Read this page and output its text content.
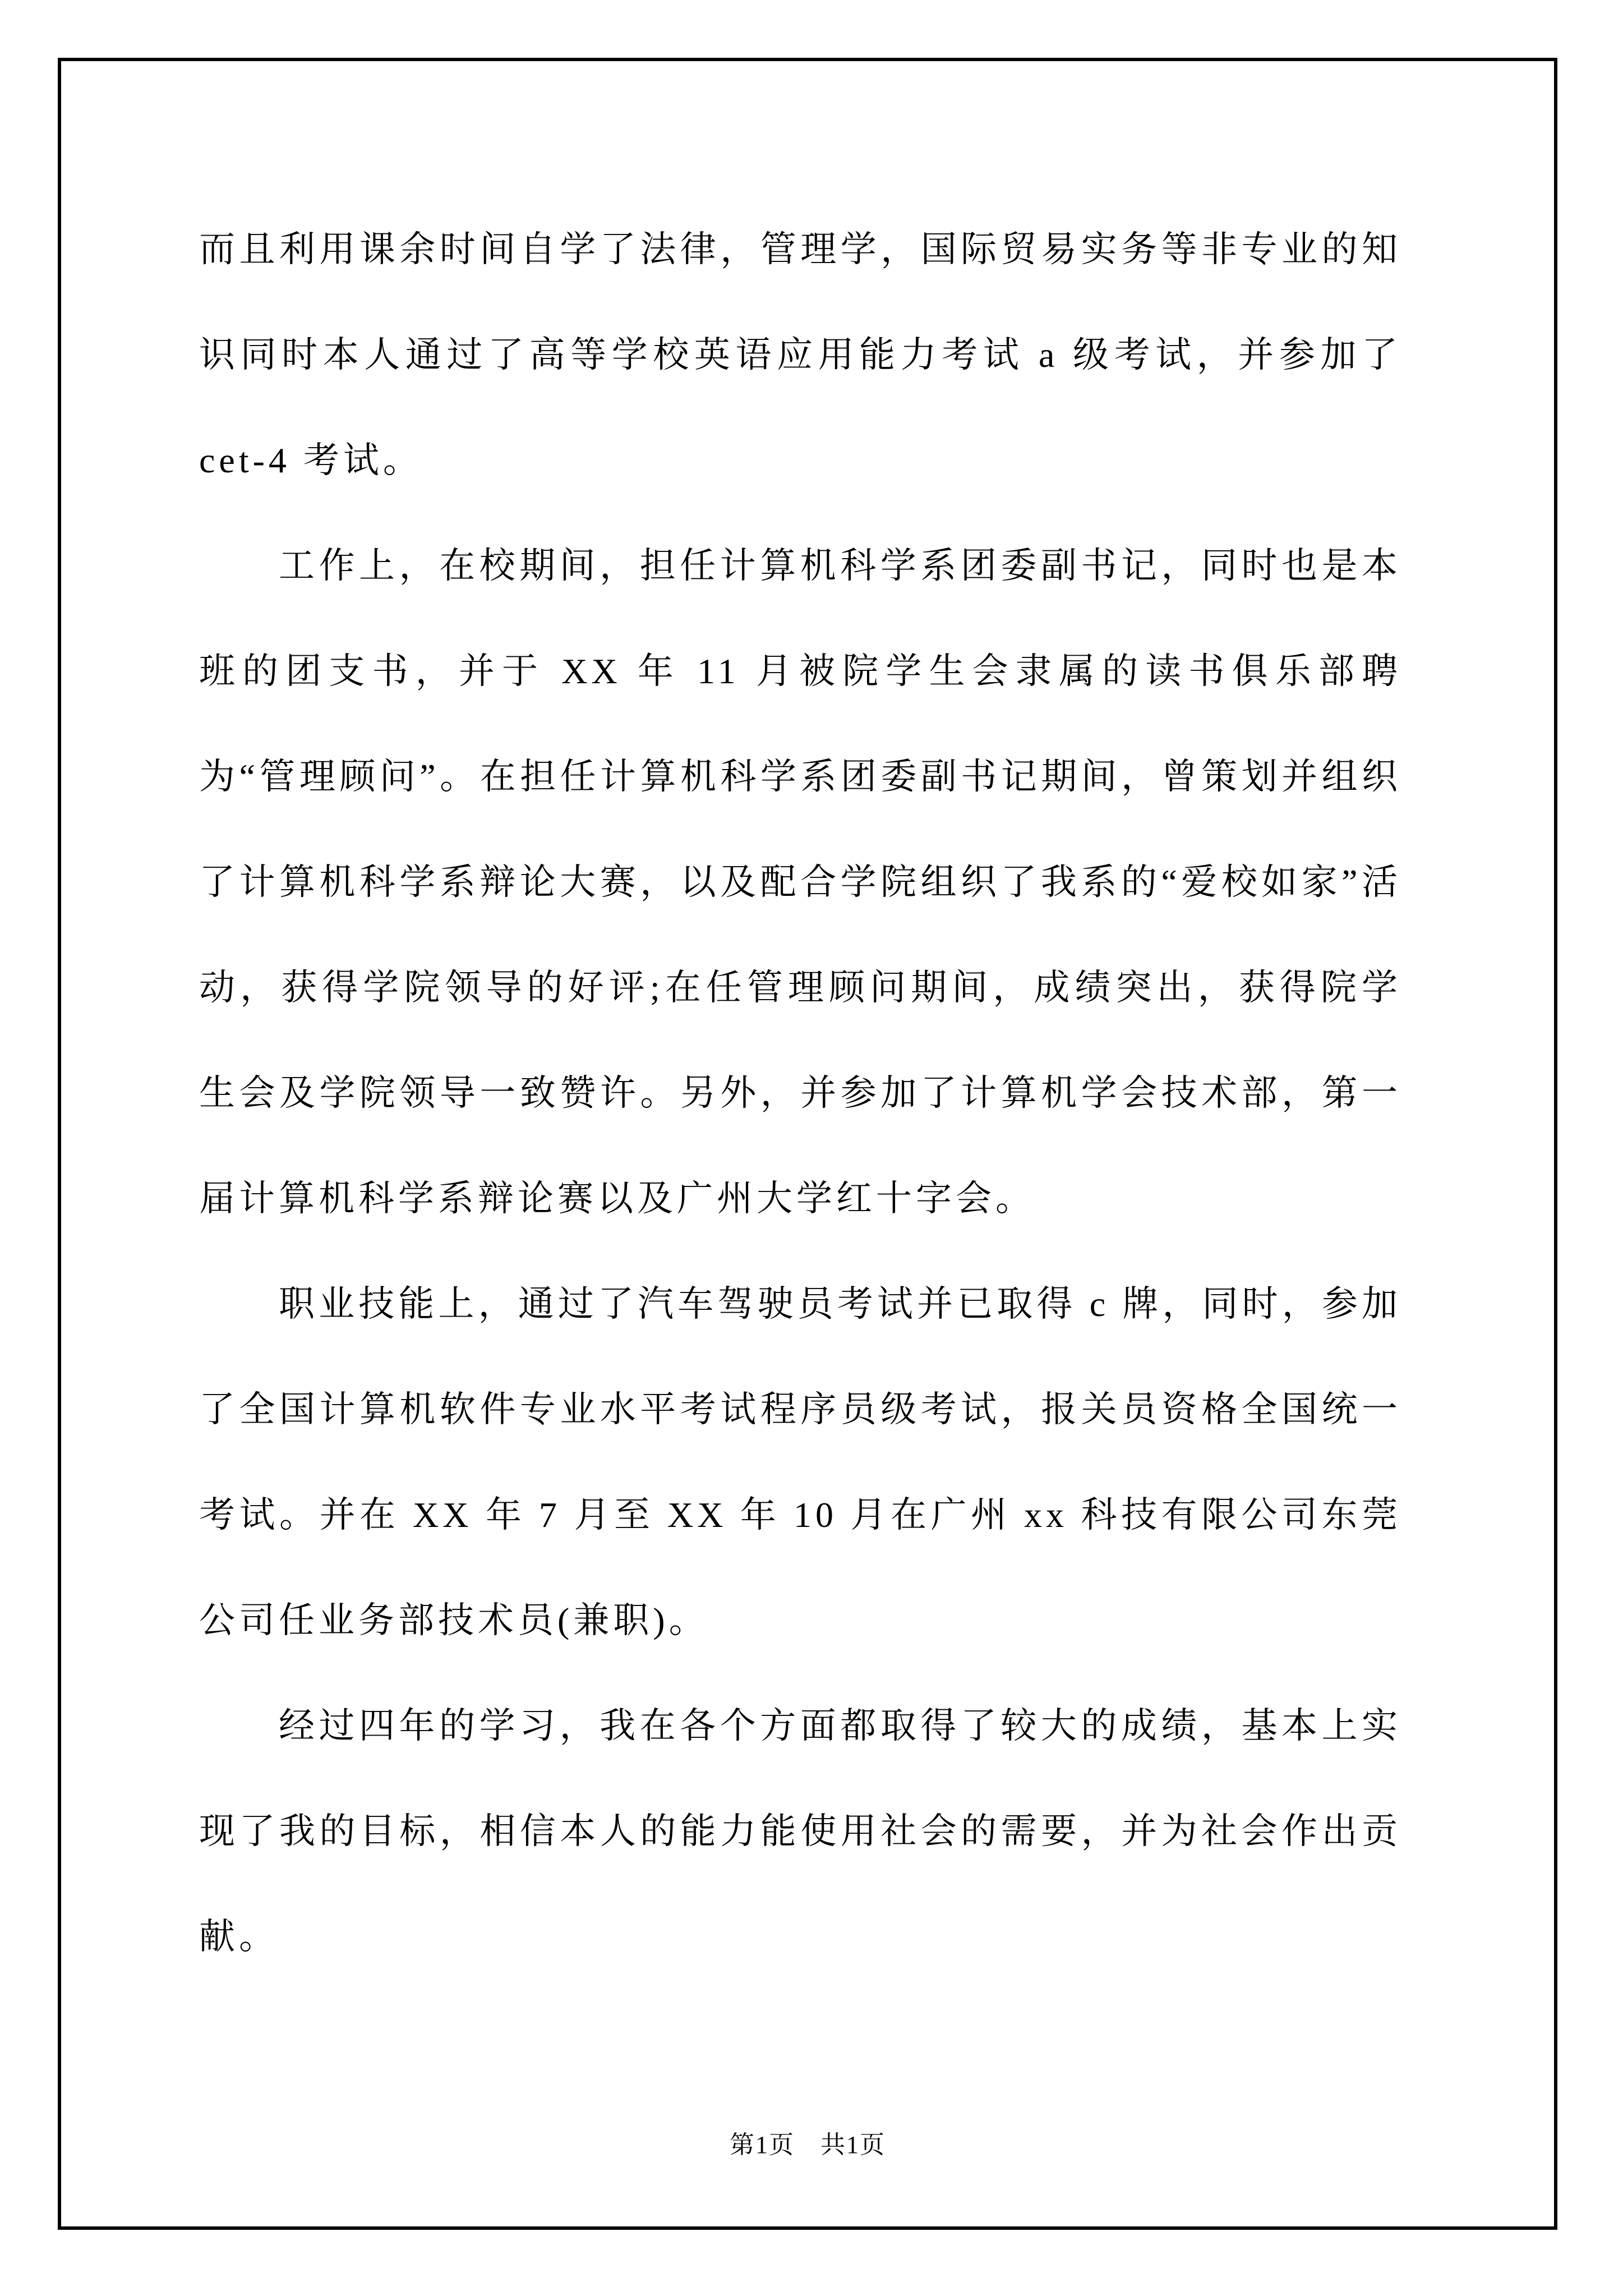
而且利用课余时间自学了法律，管理学，国际贸易实务等非专业的知识同时本人通过了高等学校英语应用能力考试 a 级考试，并参加了cet-4 考试。

工作上，在校期间，担任计算机科学系团委副书记，同时也是本班的团支书，并于 XX 年 11 月被院学生会隶属的读书俱乐部聘为“管理顾问”。在担任计算机科学系团委副书记期间，曾策划并组织了计算机科学系辩论大赛，以及配合学院组织了我系的“爱校如家”活动，获得学院领导的好评;在任管理顾问期间，成绩突出，获得院学生会及学院领导一致赞许。另外，并参加了计算机学会技术部，第一届计算机科学系辩论赛以及广州大学红十字会。

职业技能上，通过了汽车驾驶员考试并已取得 c 牌，同时，参加了全国计算机软件专业水平考试程序员级考试，报关员资格全国统一考试。并在 XX 年 7 月至 XX 年 10 月在广州 xx 科技有限公司东莞公司任业务部技术员(兼职)。

经过四年的学习，我在各个方面都取得了较大的成绩，基本上实现了我的目标，相信本人的能力能使用社会的需要，并为社会作出贡献。

第1页　共1页
